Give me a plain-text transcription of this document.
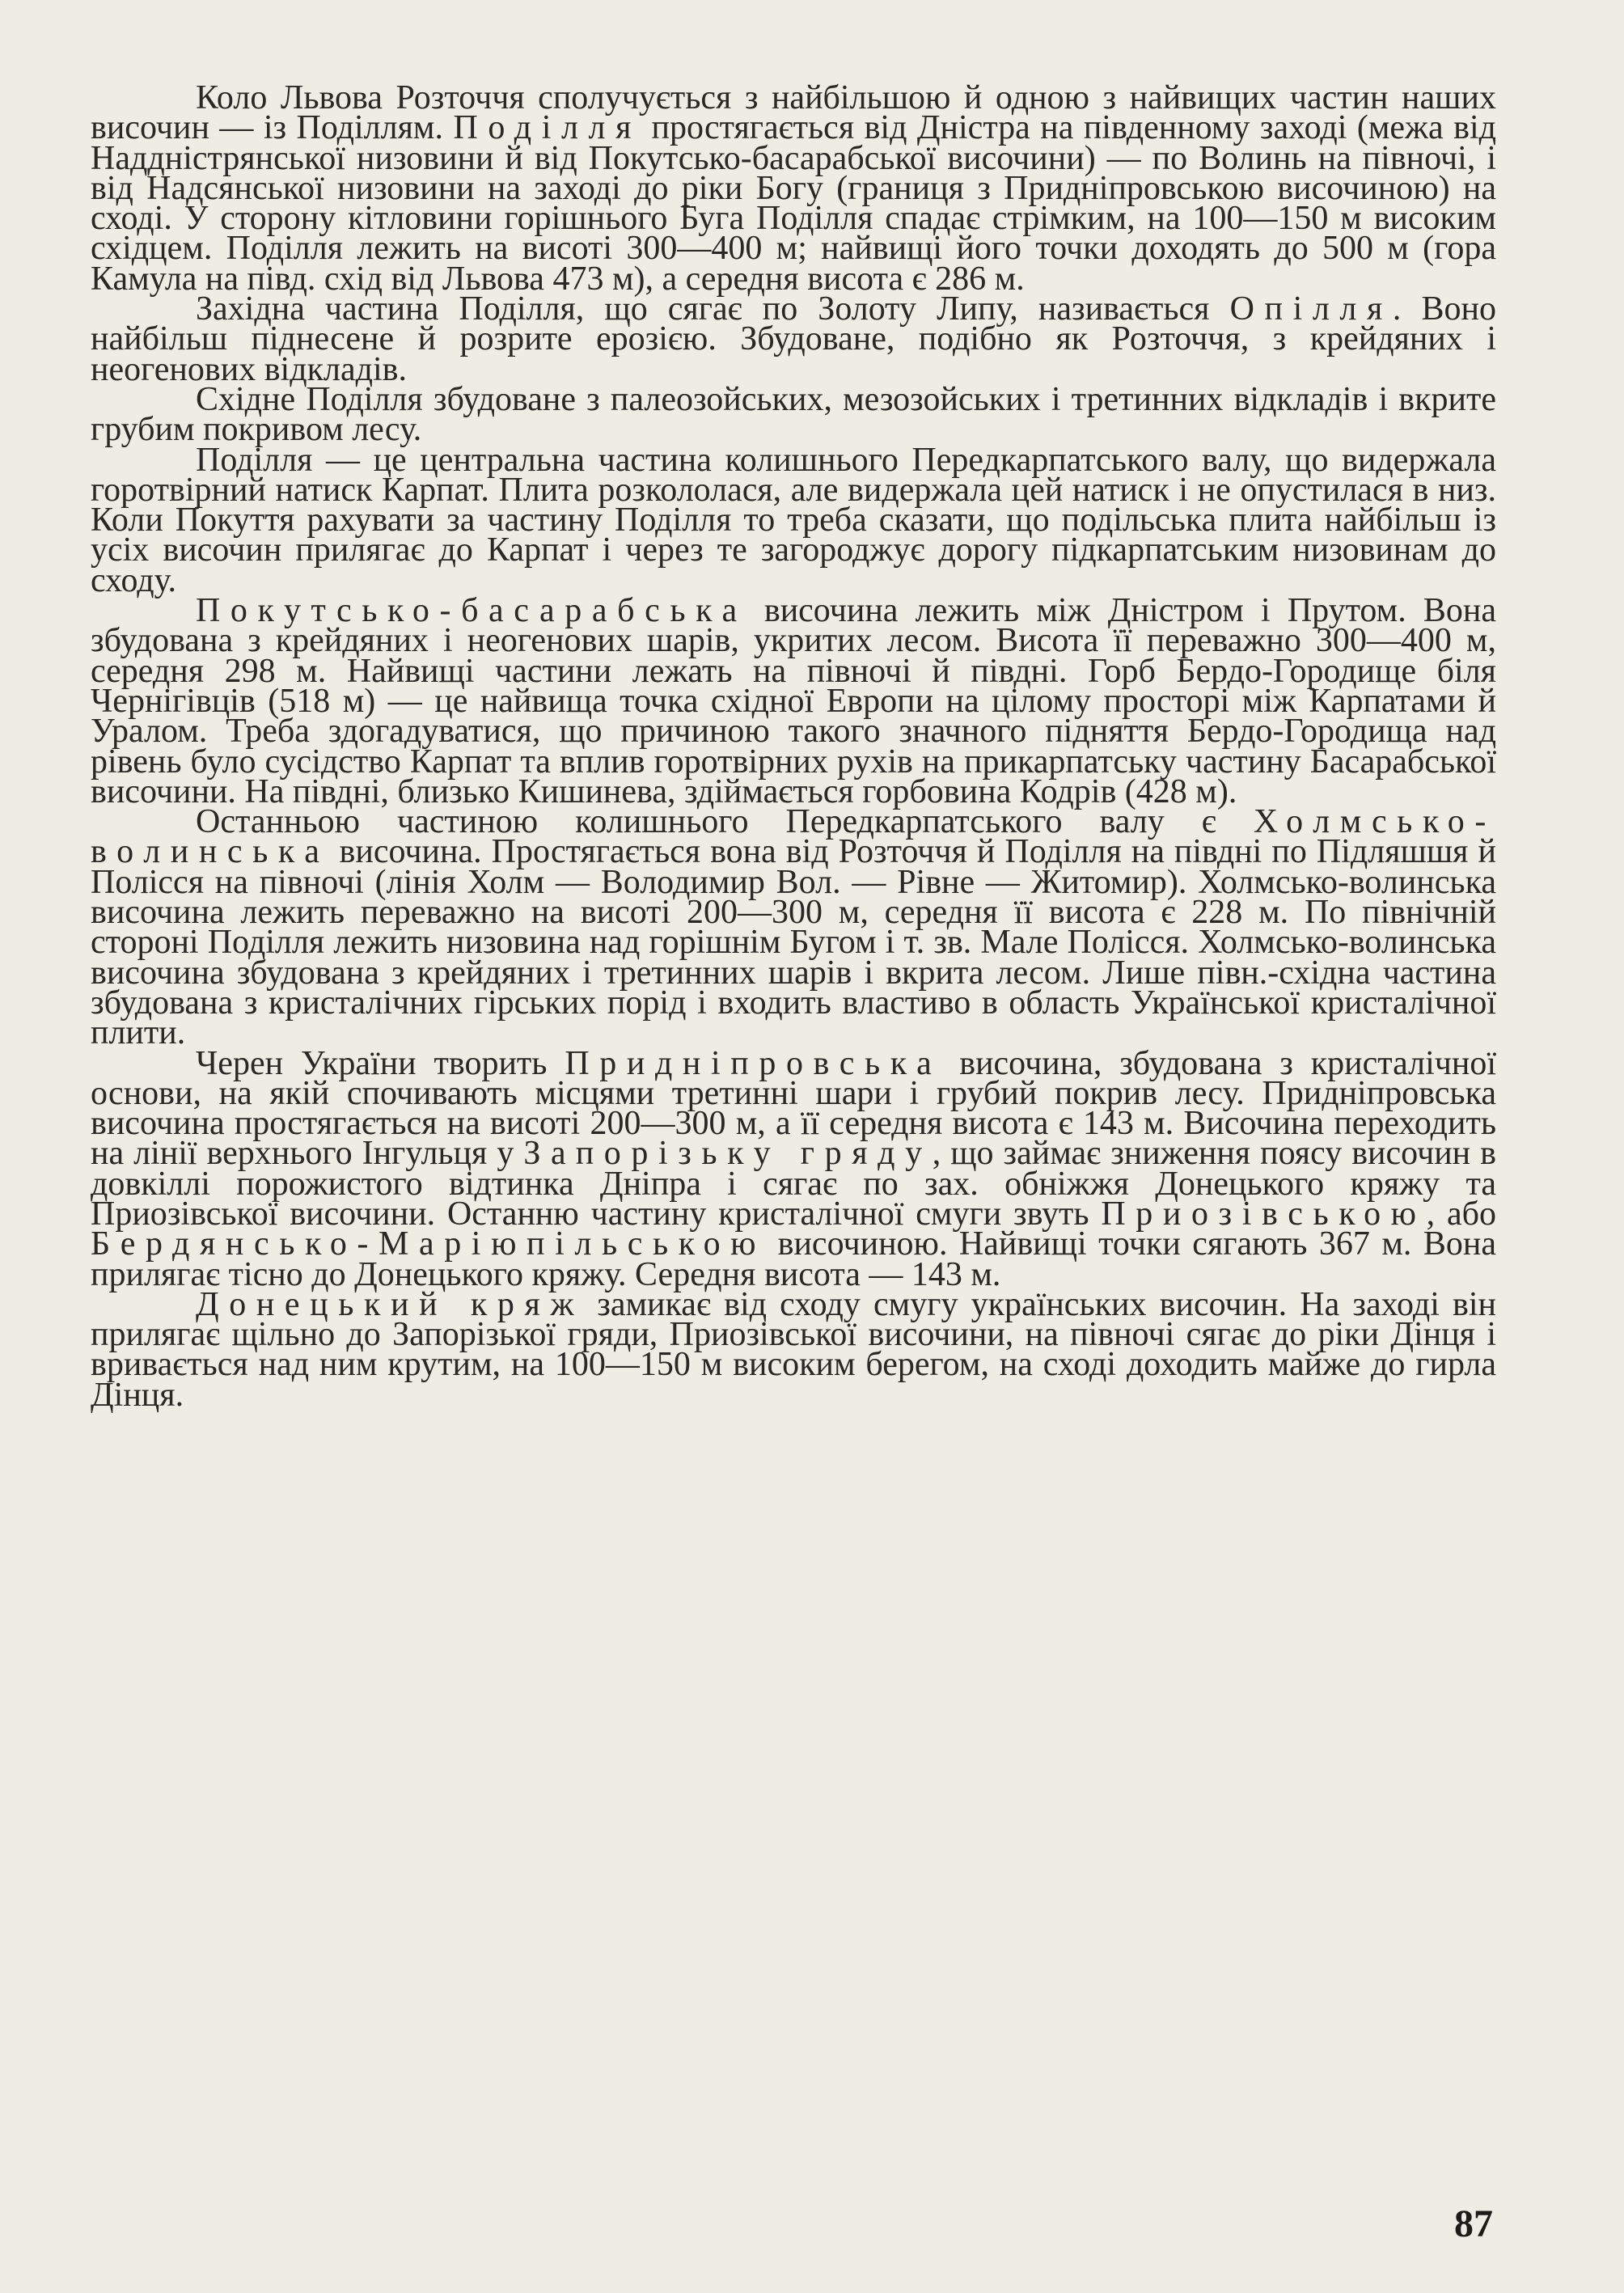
Коло Львова Розточчя сполучується з найбільшою й одною з найвищих частин наших височин — із Поділлям. Поділля простягається від Дністра на південному заході (межа від Наддністрянської низовини й від Покутсько-басарабської височини) — по Волинь на півночі, і від Надсянської низовини на заході до ріки Богу (границя з Придніпровською височиною) на сході. У сторону кітловини горішнього Буга Поділля спадає стрімким, на 100—150 м високим східцем. Поділля лежить на висоті 300—400 м; найвищі його точки доходять до 500 м (гора Камула на півд. схід від Львова 473 м), а середня висота є 286 м.

Західна частина Поділля, що сягає по Золоту Липу, називається Опілля. Воно найбільш піднесене й розрите ерозією. Збудоване, подібно як Розточчя, з крейдяних і неогенових відкладів.

Східне Поділля збудоване з палеозойських, мезозойських і третинних відкладів і вкрите грубим покривом лесу.

Поділля — це центральна частина колишнього Передкарпатського валу, що видержала горотвірний натиск Карпат. Плита розкололася, але видержала цей натиск і не опустилася в низ. Коли Покуття рахувати за частину Поділля то треба сказати, що подільська плита найбільш із усіх височин прилягає до Карпат і через те загороджує дорогу підкарпатським низовинам до сходу.

Покутсько-басарабська височина лежить між Дністром і Прутом. Вона збудована з крейдяних і неогенових шарів, укритих лесом. Висота її переважно 300—400 м, середня 298 м. Найвищі частини лежать на півночі й півдні. Горб Бердо-Городище біля Чернігівців (518 м) — це найвища точка східної Европи на цілому просторі між Карпатами й Уралом. Треба здогадуватися, що причиною такого значного підняття Бердо-Городища над рівень було сусідство Карпат та вплив горотвірних рухів на прикарпатську частину Басарабської височини. На півдні, близько Кишинева, здіймається горбовина Кодрів (428 м).

Останньою частиною колишнього Передкарпатського валу є Холмсько-волинська височина. Простягається вона від Розточчя й Поділля на півдні по Підляшшя й Полісся на півночі (лінія Холм — Володимир Вол. — Рівне — Житомир). Холмсько-волинська височина лежить переважно на висоті 200—300 м, середня її висота є 228 м. По північній стороні Поділля лежить низовина над горішнім Бугом і т. зв. Мале Полісся. Холмсько-волинська височина збудована з крейдяних і третинних шарів і вкрита лесом. Лише півн.-східна частина збудована з кристалічних гірських порід і входить властиво в область Української кристалічної плити.

Черен України творить Придніпровська височина, збудована з кристалічної основи, на якій спочивають місцями третинні шари і грубий покрив лесу. Придніпровська височина простягається на висоті 200—300 м, а її середня висота є 143 м. Височина переходить на лінії верхнього Інгульця у Запорізьку гряду, що займає зниження поясу височин в довкіллі порожистого відтинка Дніпра і сягає по зах. обніжжя Донецького кряжу та Приозівської височини. Останню частину кристалічної смуги звуть Приозівською, або Бердянсько-Маріюпільською височиною. Найвищі точки сягають 367 м. Вона прилягає тісно до Донецького кряжу. Середня висота — 143 м.

Донецький кряж замикає від сходу смугу українських височин. На заході він прилягає щільно до Запорізької гряди, Приозівської височини, на півночі сягає до ріки Дінця і вривається над ним крутим, на 100—150 м високим берегом, на сході доходить майже до гирла Дінця.

87
